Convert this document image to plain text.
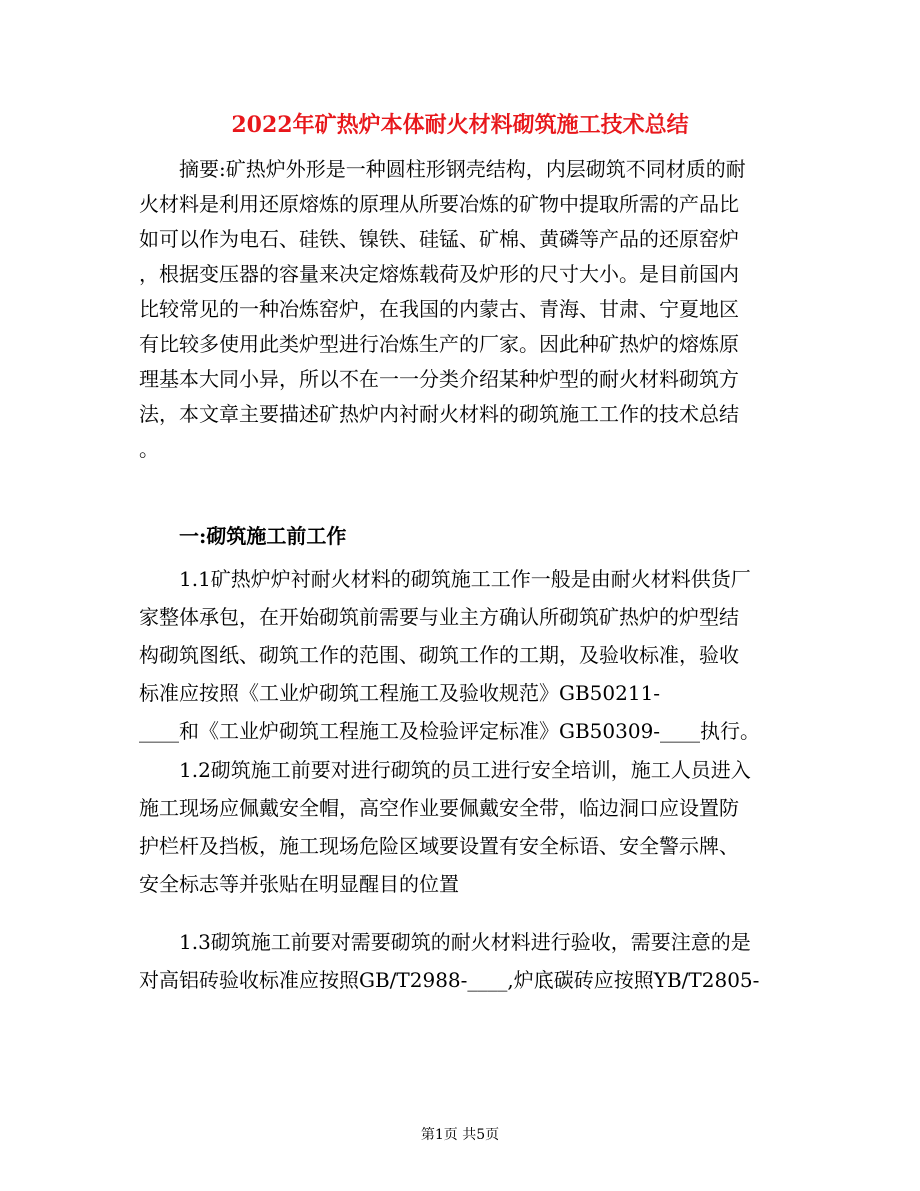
2022年矿热炉本体耐火材料砌筑施工技术总结
　　摘要:矿热炉外形是一种圆柱形钢壳结构，内层砌筑不同材质的耐
火材料是利用还原熔炼的原理从所要冶炼的矿物中提取所需的产品比
如可以作为电石、硅铁、镍铁、硅锰、矿棉、黄磷等产品的还原窑炉
，根据变压器的容量来决定熔炼载荷及炉形的尺寸大小。是目前国内
比较常见的一种冶炼窑炉，在我国的内蒙古、青海、甘肃、宁夏地区
有比较多使用此类炉型进行冶炼生产的厂家。因此种矿热炉的熔炼原
理基本大同小异，所以不在一一分类介绍某种炉型的耐火材料砌筑方
法，本文章主要描述矿热炉内衬耐火材料的砌筑施工工作的技术总结
。
　　一:砌筑施工前工作
　　1.1矿热炉炉衬耐火材料的砌筑施工工作一般是由耐火材料供货厂
家整体承包，在开始砌筑前需要与业主方确认所砌筑矿热炉的炉型结
构砌筑图纸、砌筑工作的范围、砌筑工作的工期，及验收标准，验收
标准应按照《工业炉砌筑工程施工及验收规范》GB50211-
____和《工业炉砌筑工程施工及检验评定标准》GB50309-____执行。
　　1.2砌筑施工前要对进行砌筑的员工进行安全培训，施工人员进入
施工现场应佩戴安全帽，高空作业要佩戴安全带，临边洞口应设置防
护栏杆及挡板，施工现场危险区域要设置有安全标语、安全警示牌、
安全标志等并张贴在明显醒目的位置
　　1.3砌筑施工前要对需要砌筑的耐火材料进行验收，需要注意的是
对高铝砖验收标准应按照GB/T2988-____,炉底碳砖应按照YB/T2805-
第1页 共5页
